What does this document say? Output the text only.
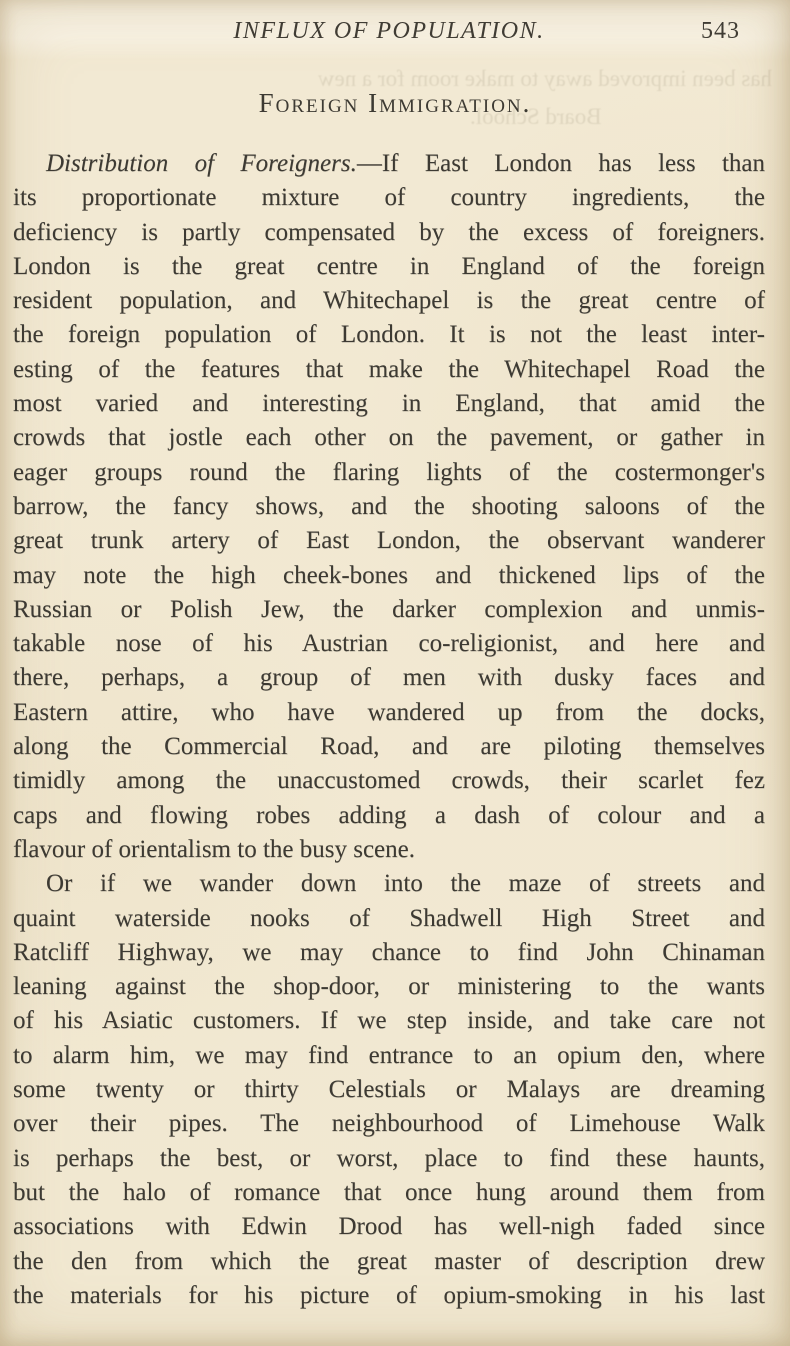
has been improved away to make room for a new
Board School.
INFLUX OF POPULATION.	543
Foreign Immigration.
Distribution of Foreigners.—If East London has less than
its proportionate mixture of country ingredients, the
deficiency is partly compensated by the excess of foreigners.
London is the great centre in England of the foreign
resident population, and Whitechapel is the great centre of
the foreign population of London. It is not the least inter-
esting of the features that make the Whitechapel Road the
most varied and interesting in England, that amid the
crowds that jostle each other on the pavement, or gather in
eager groups round the flaring lights of the costermonger's
barrow, the fancy shows, and the shooting saloons of the
great trunk artery of East London, the observant wanderer
may note the high cheek-bones and thickened lips of the
Russian or Polish Jew, the darker complexion and unmis-
takable nose of his Austrian co-religionist, and here and
there, perhaps, a group of men with dusky faces and
Eastern attire, who have wandered up from the docks,
along the Commercial Road, and are piloting themselves
timidly among the unaccustomed crowds, their scarlet fez
caps and flowing robes adding a dash of colour and a
flavour of orientalism to the busy scene.
Or if we wander down into the maze of streets and
quaint waterside nooks of Shadwell High Street and
Ratcliff Highway, we may chance to find John Chinaman
leaning against the shop-door, or ministering to the wants
of his Asiatic customers. If we step inside, and take care not
to alarm him, we may find entrance to an opium den, where
some twenty or thirty Celestials or Malays are dreaming
over their pipes. The neighbourhood of Limehouse Walk
is perhaps the best, or worst, place to find these haunts,
but the halo of romance that once hung around them from
associations with Edwin Drood has well-nigh faded since
the den from which the great master of description drew
the materials for his picture of opium-smoking in his last
